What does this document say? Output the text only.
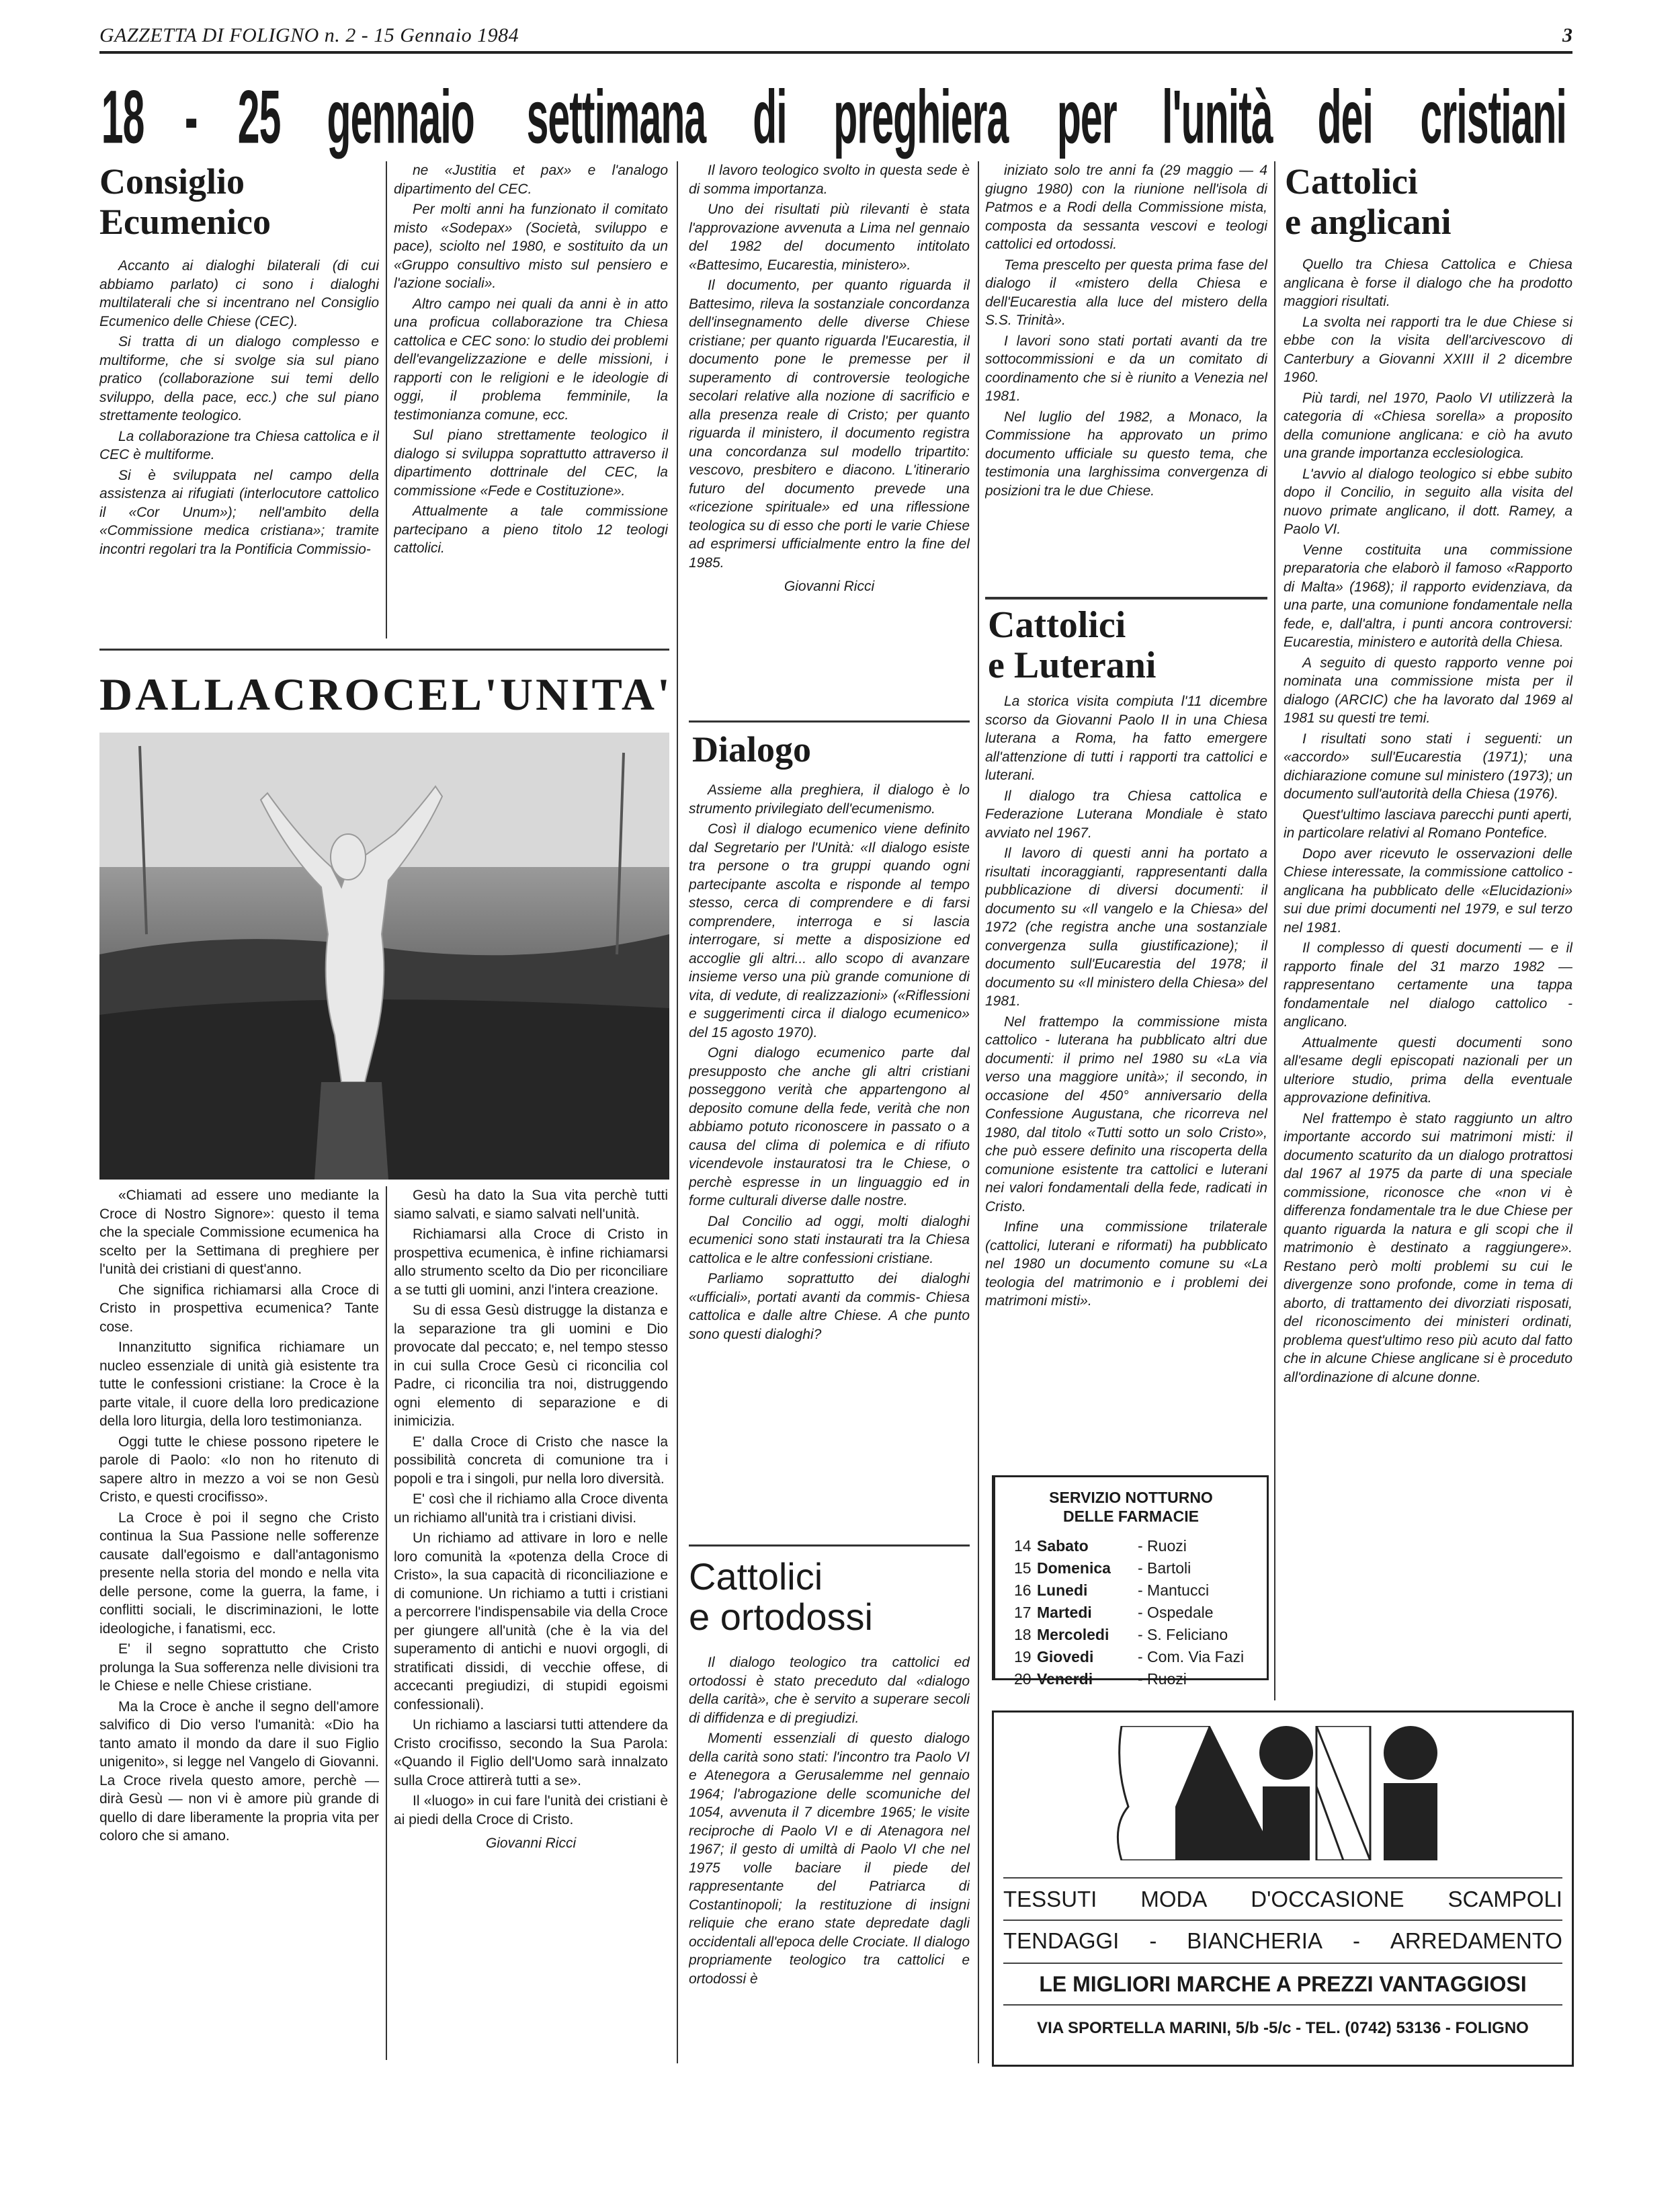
GAZZETTA DI FOLIGNO n. 2 - 15 Gennaio 1984	3
18 - 25 gennaio settimana di preghiera per l'unità dei cristiani
Consiglio
Ecumenico

Accanto ai dialoghi bilaterali (di cui abbiamo parlato) ci sono i dialoghi multilaterali che si incentrano nel Consiglio Ecumenico delle Chiese (CEC).

Si tratta di un dialogo complesso e multiforme, che si svolge sia sul piano pratico (collaborazione sui temi dello sviluppo, della pace, ecc.) che sul piano strettamente teologico.

La collaborazione tra Chiesa cattolica e il CEC è multiforme.

Si è sviluppata nel campo della assistenza ai rifugiati (interlocutore cattolico il «Cor Unum»); nell'ambito della «Commissione medica cristiana»; tramite incontri regolari tra la Pontificia Commissio-

ne «Justitia et pax» e l'analogo dipartimento del CEC.

Per molti anni ha funzionato il comitato misto «Sodepax» (Società, sviluppo e pace), sciolto nel 1980, e sostituito da un «Gruppo consultivo misto sul pensiero e l'azione sociali».

Altro campo nei quali da anni è in atto una proficua collaborazione tra Chiesa cattolica e CEC sono: lo studio dei problemi dell'evangelizzazione e delle missioni, i rapporti con le religioni e le ideologie di oggi, il problema femminile, la testimonianza comune, ecc.

Sul piano strettamente teologico il dialogo si sviluppa soprattutto attraverso il dipartimento dottrinale del CEC, la commissione «Fede e Costituzione».

Attualmente a tale commissione partecipano a pieno titolo 12 teologi cattolici.

Il lavoro teologico svolto in questa sede è di somma importanza.

Uno dei risultati più rilevanti è stata l'approvazione avvenuta a Lima nel gennaio del 1982 del documento intitolato «Battesimo, Eucarestia, ministero».

Il documento, per quanto riguarda il Battesimo, rileva la sostanziale concordanza dell'insegnamento delle diverse Chiese cristiane; per quanto riguarda l'Eucarestia, il documento pone le premesse per il superamento di controversie teologiche secolari relative alla nozione di sacrificio e alla presenza reale di Cristo; per quanto riguarda il ministero, il documento registra una concordanza sul modello tripartito: vescovo, presbitero e diacono. L'itinerario futuro del documento prevede una «ricezione spirituale» ed una riflessione teologica su di esso che porti le varie Chiese ad esprimersi ufficialmente entro la fine del 1985.

Giovanni Ricci
DALLA CROCE L'UNITA'

«Chiamati ad essere uno mediante la Croce di Nostro Signore»: questo il tema che la speciale Commissione ecumenica ha scelto per la Settimana di preghiere per l'unità dei cristiani di quest'anno.

Che significa richiamarsi alla Croce di Cristo in prospettiva ecumenica? Tante cose.

Innanzitutto significa richiamare un nucleo essenziale di unità già esistente tra tutte le confessioni cristiane: la Croce è la parte vitale, il cuore della loro predicazione della loro liturgia, della loro testimonianza.

Oggi tutte le chiese possono ripetere le parole di Paolo: «Io non ho ritenuto di sapere altro in mezzo a voi se non Gesù Cristo, e questi crocifisso».

La Croce è poi il segno che Cristo continua la Sua Passione nelle sofferenze causate dall'egoismo e dall'antagonismo presente nella storia del mondo e nella vita delle persone, come la guerra, la fame, i conflitti sociali, le discriminazioni, le lotte ideologiche, i fanatismi, ecc.

E' il segno soprattutto che Cristo prolunga la Sua sofferenza nelle divisioni tra le Chiese e nelle Chiese cristiane.

Ma la Croce è anche il segno dell'amore salvifico di Dio verso l'umanità: «Dio ha tanto amato il mondo da dare il suo Figlio unigenito», si legge nel Vangelo di Giovanni. La Croce rivela questo amore, perchè — dirà Gesù — non vi è amore più grande di quello di dare liberamente la propria vita per coloro che si amano.

Gesù ha dato la Sua vita perchè tutti siamo salvati, e siamo salvati nell'unità.

Richiamarsi alla Croce di Cristo in prospettiva ecumenica, è infine richiamarsi allo strumento scelto da Dio per riconciliare a se tutti gli uomini, anzi l'intera creazione.

Su di essa Gesù distrugge la distanza e la separazione tra gli uomini e Dio provocate dal peccato; e, nel tempo stesso in cui sulla Croce Gesù ci riconcilia col Padre, ci riconcilia tra noi, distruggendo ogni elemento di separazione e di inimicizia.

E' dalla Croce di Cristo che nasce la possibilità concreta di comunione tra i popoli e tra i singoli, pur nella loro diversità.

E' così che il richiamo alla Croce diventa un richiamo all'unità tra i cristiani divisi.

Un richiamo ad attivare in loro e nelle loro comunità la «potenza della Croce di Cristo», la sua capacità di riconciliazione e di comunione. Un richiamo a tutti i cristiani a percorrere l'indispensabile via della Croce per giungere all'unità (che è la via del superamento di antichi e nuovi orgogli, di stratificati dissidi, di vecchie offese, di accecanti pregiudizi, di stupidi egoismi confessionali).

Un richiamo a lasciarsi tutti attendere da Cristo crocifisso, secondo la Sua Parola: «Quando il Figlio dell'Uomo sarà innalzato sulla Croce attirerà tutti a se».

Il «luogo» in cui fare l'unità dei cristiani è ai piedi della Croce di Cristo.

Giovanni Ricci
Dialogo

Assieme alla preghiera, il dialogo è lo strumento privilegiato dell'ecumenismo.

Così il dialogo ecumenico viene definito dal Segretario per l'Unità: «Il dialogo esiste tra persone o tra gruppi quando ogni partecipante ascolta e risponde al tempo stesso, cerca di comprendere e di farsi comprendere, interroga e si lascia interrogare, si mette a disposizione ed accoglie gli altri... allo scopo di avanzare insieme verso una più grande comunione di vita, di vedute, di realizzazioni» («Riflessioni e suggerimenti circa il dialogo ecumenico» del 15 agosto 1970).

Ogni dialogo ecumenico parte dal presupposto che anche gli altri cristiani posseggono verità che appartengono al deposito comune della fede, verità che non abbiamo potuto riconoscere in passato o a causa del clima di polemica e di rifiuto vicendevole instauratosi tra le Chiese, o perchè espresse in un linguaggio ed in forme culturali diverse dalle nostre.

Dal Concilio ad oggi, molti dialoghi ecumenici sono stati instaurati tra la Chiesa cattolica e le altre confessioni cristiane.

Parliamo soprattutto dei dialoghi «ufficiali», portati avanti da commis- Chiesa cattolica e dalle altre Chiese. A che punto sono questi dialoghi?

Cattolici
e ortodossi

Il dialogo teologico tra cattolici ed ortodossi è stato preceduto dal «dialogo della carità», che è servito a superare secoli di diffidenza e di pregiudizi.

Momenti essenziali di questo dialogo della carità sono stati: l'incontro tra Paolo VI e Atenegora a Gerusalemme nel gennaio 1964; l'abrogazione delle scomuniche del 1054, avvenuta il 7 dicembre 1965; le visite reciproche di Paolo VI e di Atenagora nel 1967; il gesto di umiltà di Paolo VI che nel 1975 volle baciare il piede del rappresentante del Patriarca di Costantinopoli; la restituzione di insigni reliquie che erano state depredate dagli occidentali all'epoca delle Crociate. Il dialogo propriamente teologico tra cattolici e ortodossi è

iniziato solo tre anni fa (29 maggio — 4 giugno 1980) con la riunione nell'isola di Patmos e a Rodi della Commissione mista, composta da sessanta vescovi e teologi cattolici ed ortodossi.

Tema prescelto per questa prima fase del dialogo il «mistero della Chiesa e dell'Eucarestia alla luce del mistero della S.S. Trinità».

I lavori sono stati portati avanti da tre sottocommissioni e da un comitato di coordinamento che si è riunito a Venezia nel 1981.

Nel luglio del 1982, a Monaco, la Commissione ha approvato un primo documento ufficiale su questo tema, che testimonia una larghissima convergenza di posizioni tra le due Chiese.

Cattolici
e Luterani

La storica visita compiuta l'11 dicembre scorso da Giovanni Paolo II in una Chiesa luterana a Roma, ha fatto emergere all'attenzione di tutti i rapporti tra cattolici e luterani.

Il dialogo tra Chiesa cattolica e Federazione Luterana Mondiale è stato avviato nel 1967.

Il lavoro di questi anni ha portato a risultati incoraggianti, rappresentanti dalla pubblicazione di diversi documenti: il documento su «Il vangelo e la Chiesa» del 1972 (che registra anche una sostanziale convergenza sulla giustificazione); il documento sull'Eucarestia del 1978; il documento su «Il ministero della Chiesa» del 1981.

Nel frattempo la commissione mista cattolico - luterana ha pubblicato altri due documenti: il primo nel 1980 su «La via verso una maggiore unità»; il secondo, in occasione del 450° anniversario della Confessione Augustana, che ricorreva nel 1980, dal titolo «Tutti sotto un solo Cristo», che può essere definito una riscoperta della comunione esistente tra cattolici e luterani nei valori fondamentali della fede, radicati in Cristo.

Infine una commissione trilaterale (cattolici, luterani e riformati) ha pubblicato nel 1980 un documento comune su «La teologia del matrimonio e i problemi dei matrimoni misti».

Cattolici
e anglicani

Quello tra Chiesa Cattolica e Chiesa anglicana è forse il dialogo che ha prodotto maggiori risultati.

La svolta nei rapporti tra le due Chiese si ebbe con la visita dell'arcivescovo di Canterbury a Giovanni XXIII il 2 dicembre 1960.

Più tardi, nel 1970, Paolo VI utilizzerà la categoria di «Chiesa sorella» a proposito della comunione anglicana: e ciò ha avuto una grande importanza ecclesiologica.

L'avvio al dialogo teologico si ebbe subito dopo il Concilio, in seguito alla visita del nuovo primate anglicano, il dott. Ramey, a Paolo VI.

Venne costituita una commissione preparatoria che elaborò il famoso «Rapporto di Malta» (1968); il rapporto evidenziava, da una parte, una comunione fondamentale nella fede, e, dall'altra, i punti ancora controversi: Eucarestia, ministero e autorità della Chiesa.

A seguito di questo rapporto venne poi nominata una commissione mista per il dialogo (ARCIC) che ha lavorato dal 1969 al 1981 su questi tre temi.

I risultati sono stati i seguenti: un «accordo» sull'Eucarestia (1971); una dichiarazione comune sul ministero (1973); un documento sull'autorità della Chiesa (1976).

Quest'ultimo lasciava parecchi punti aperti, in particolare relativi al Romano Pontefice.

Dopo aver ricevuto le osservazioni delle Chiese interessate, la commissione cattolico - anglicana ha pubblicato delle «Elucidazioni» sui due primi documenti nel 1979, e sul terzo nel 1981.

Il complesso di questi documenti — e il rapporto finale del 31 marzo 1982 — rappresentano certamente una tappa fondamentale nel dialogo cattolico - anglicano.

Attualmente questi documenti sono all'esame degli episcopati nazionali per un ulteriore studio, prima della eventuale approvazione definitiva.

Nel frattempo è stato raggiunto un altro importante accordo sui matrimoni misti: il documento scaturito da un dialogo protrattosi dal 1967 al 1975 da parte di una speciale commissione, riconosce che «non vi è differenza fondamentale tra le due Chiese per quanto riguarda la natura e gli scopi che il matrimonio è destinato a raggiungere». Restano però molti problemi su cui le divergenze sono profonde, come in tema di aborto, di trattamento dei divorziati risposati, del riconoscimento dei ministeri ordinati, problema quest'ultimo reso più acuto dal fatto che in alcune Chiese anglicane si è proceduto all'ordinazione di alcune donne.

SERVIZIO NOTTURNO
DELLE FARMACIE
14 Sabato	- Ruozi
15 Domenica	- Bartoli
16 Lunedi	- Mantucci
17 Martedi	- Ospedale
18 Mercoledi	- S. Feliciano
19 Giovedi	- Com. Via Fazi
20 Venerdi	- Ruozi
TESSUTI MODA D'OCCASIONE SCAMPOLI
TENDAGGI - BIANCHERIA - ARREDAMENTO
LE MIGLIORI MARCHE A PREZZI VANTAGGIOSI
VIA SPORTELLA MARINI, 5/b -5/c - TEL. (0742) 53136 - FOLIGNO
